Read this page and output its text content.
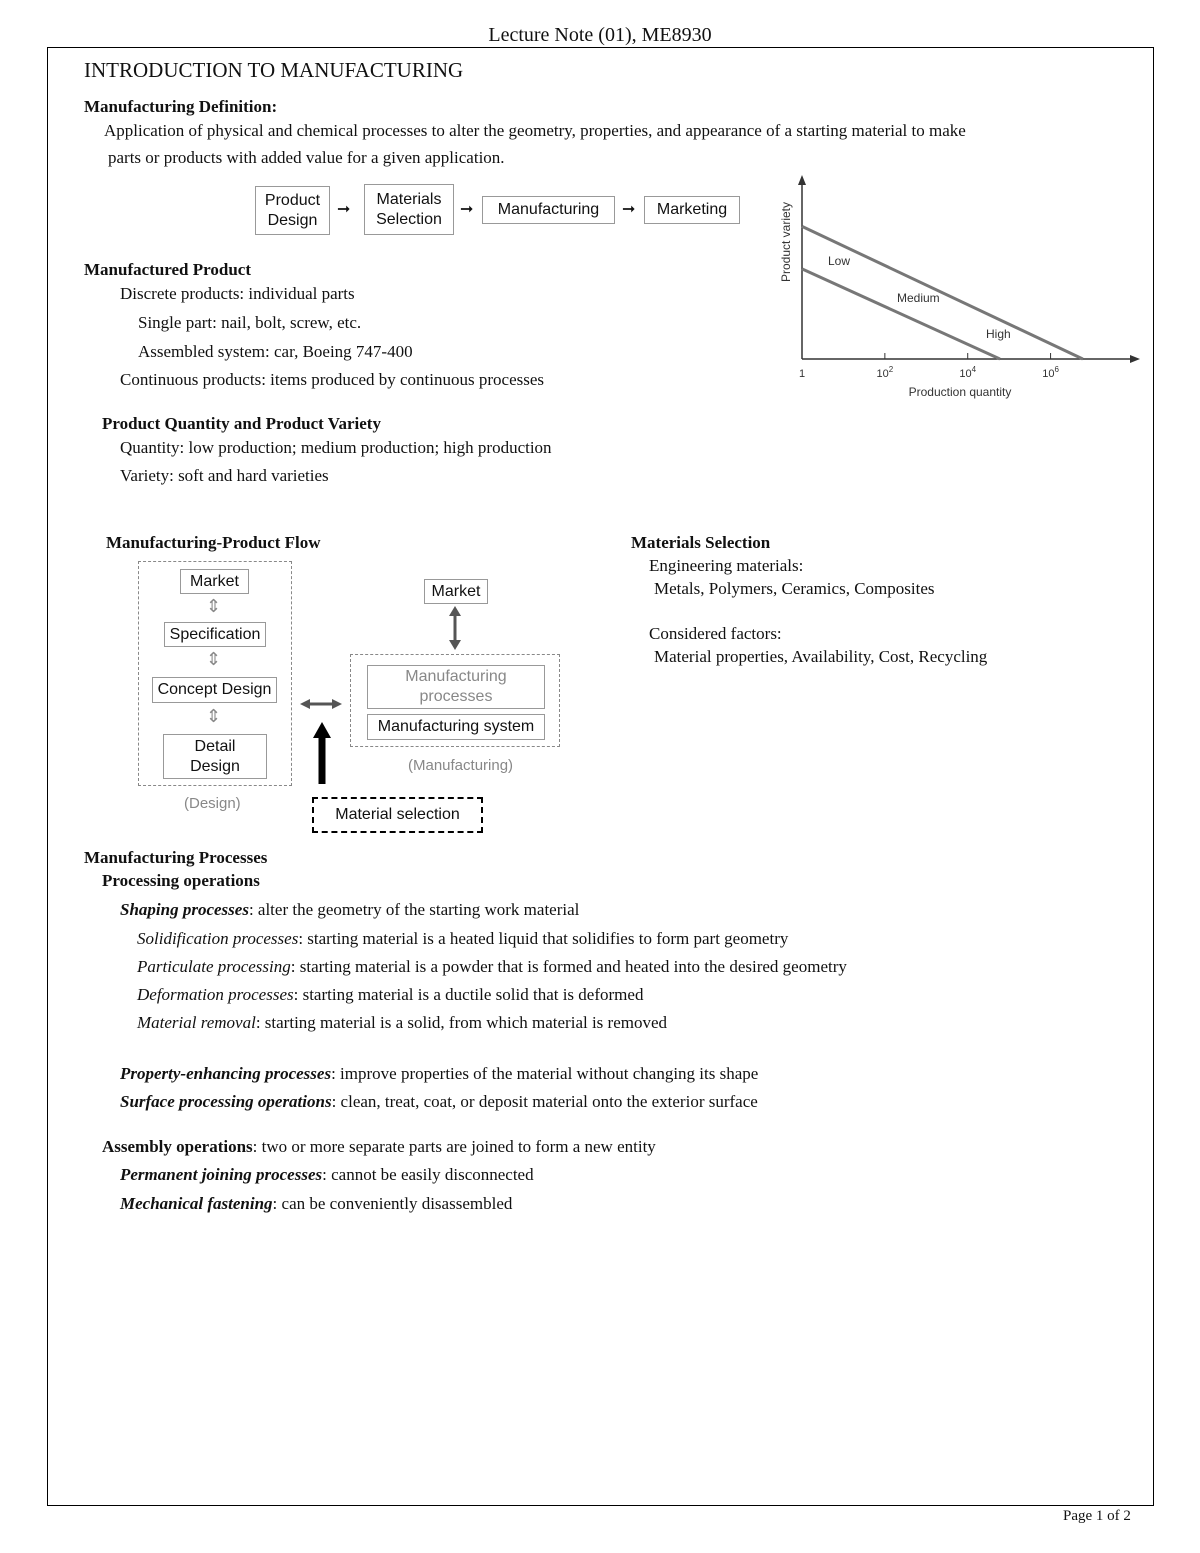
Lecture Note (01), ME8930
INTRODUCTION TO MANUFACTURING
Manufacturing Definition:
Application of physical and chemical processes to alter the geometry, properties, and appearance of a starting material to make
parts or products with added value for a given application.
Product
Design
➞
Materials
Selection
➞	Manufacturing	➞	Marketing
1	$10^2$	$10^4$	$10^6$
Product variety
Production quantity
Low
Medium
High
Manufactured Product
Discrete products: individual parts
Single part: nail, bolt, screw, etc.
Assembled system: car, Boeing 747-400
Continuous products: items produced by continuous processes
Product Quantity and Product Variety
Quantity: low production; medium production; high production
Variety: soft and hard varieties
Manufacturing-Product Flow
Market
⇕
Specification
⇕
Concept Design
⇕
Detail
Design
(Design)
Market
Manufacturing
processes
Manufacturing system
(Manufacturing)
Material selection
Materials Selection
Engineering materials:
Metals, Polymers, Ceramics, Composites
Considered factors:
Material properties, Availability, Cost, Recycling
Manufacturing Processes
Processing operations
Shaping processes: alter the geometry of the starting work material
Solidification processes: starting material is a heated liquid that solidifies to form part geometry
Particulate processing: starting material is a powder that is formed and heated into the desired geometry
Deformation processes: starting material is a ductile solid that is deformed
Material removal: starting material is a solid, from which material is removed
Property-enhancing processes: improve properties of the material without changing its shape
Surface processing operations: clean, treat, coat, or deposit material onto the exterior surface
Assembly operations: two or more separate parts are joined to form a new entity
Permanent joining processes: cannot be easily disconnected
Mechanical fastening: can be conveniently disassembled
Page 1 of 2
